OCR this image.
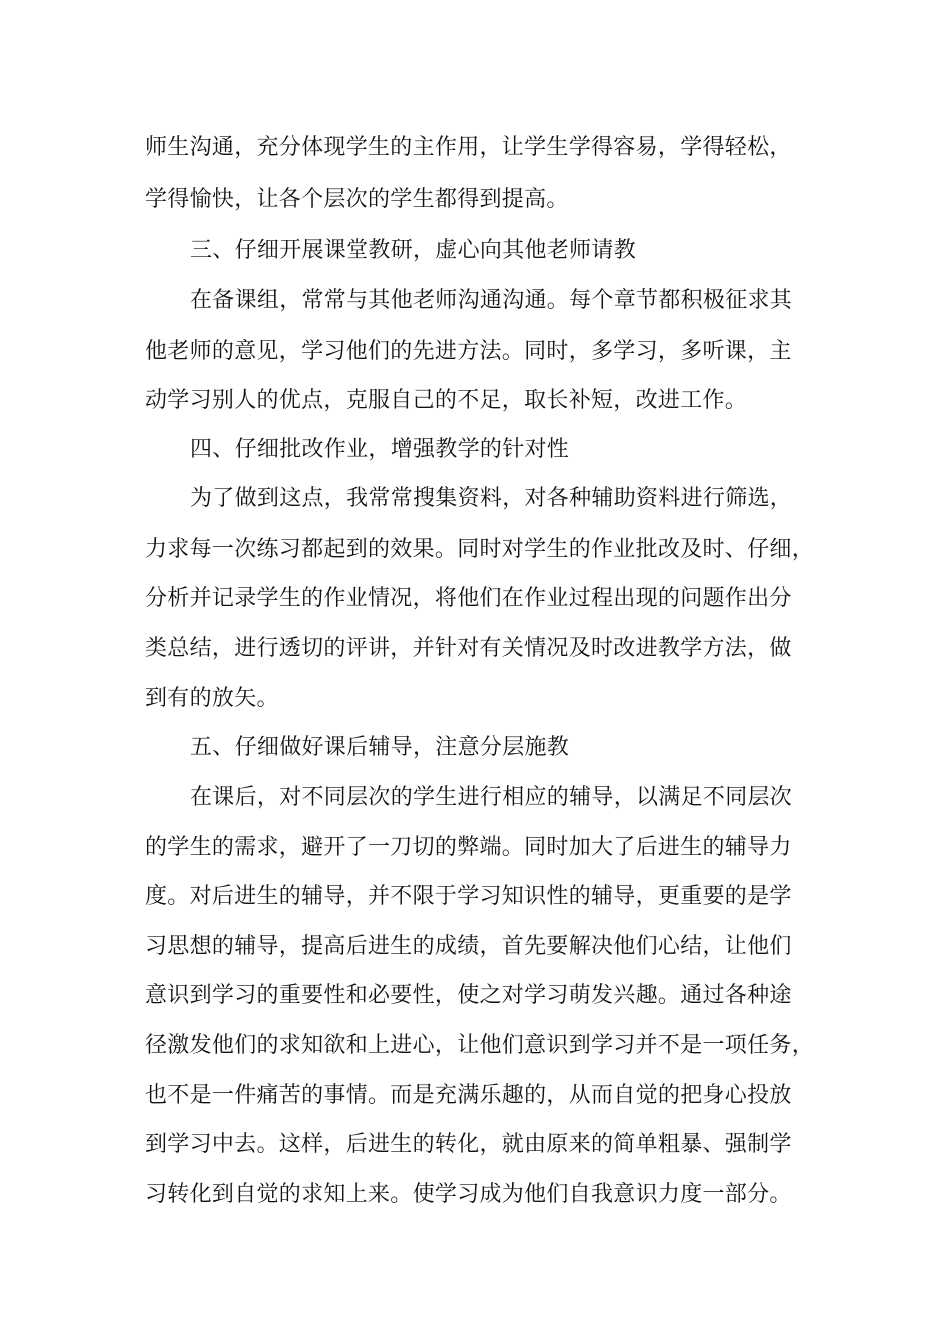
师生沟通，充分体现学生的主作用，让学生学得容易，学得轻松，
学得愉快，让各个层次的学生都得到提高。
三、仔细开展课堂教研，虚心向其他老师请教
在备课组，常常与其他老师沟通沟通。每个章节都积极征求其
他老师的意见，学习他们的先进方法。同时，多学习，多听课，主
动学习别人的优点，克服自己的不足，取长补短，改进工作。
四、仔细批改作业，增强教学的针对性
为了做到这点，我常常搜集资料，对各种辅助资料进行筛选，
力求每一次练习都起到的效果。同时对学生的作业批改及时、仔细，
分析并记录学生的作业情况，将他们在作业过程出现的问题作出分
类总结，进行透切的评讲，并针对有关情况及时改进教学方法，做
到有的放矢。
五、仔细做好课后辅导，注意分层施教
在课后，对不同层次的学生进行相应的辅导，以满足不同层次
的学生的需求，避开了一刀切的弊端。同时加大了后进生的辅导力
度。对后进生的辅导，并不限于学习知识性的辅导，更重要的是学
习思想的辅导，提高后进生的成绩，首先要解决他们心结，让他们
意识到学习的重要性和必要性，使之对学习萌发兴趣。通过各种途
径激发他们的求知欲和上进心，让他们意识到学习并不是一项任务，
也不是一件痛苦的事情。而是充满乐趣的，从而自觉的把身心投放
到学习中去。这样，后进生的转化，就由原来的简单粗暴、强制学
习转化到自觉的求知上来。使学习成为他们自我意识力度一部分。
